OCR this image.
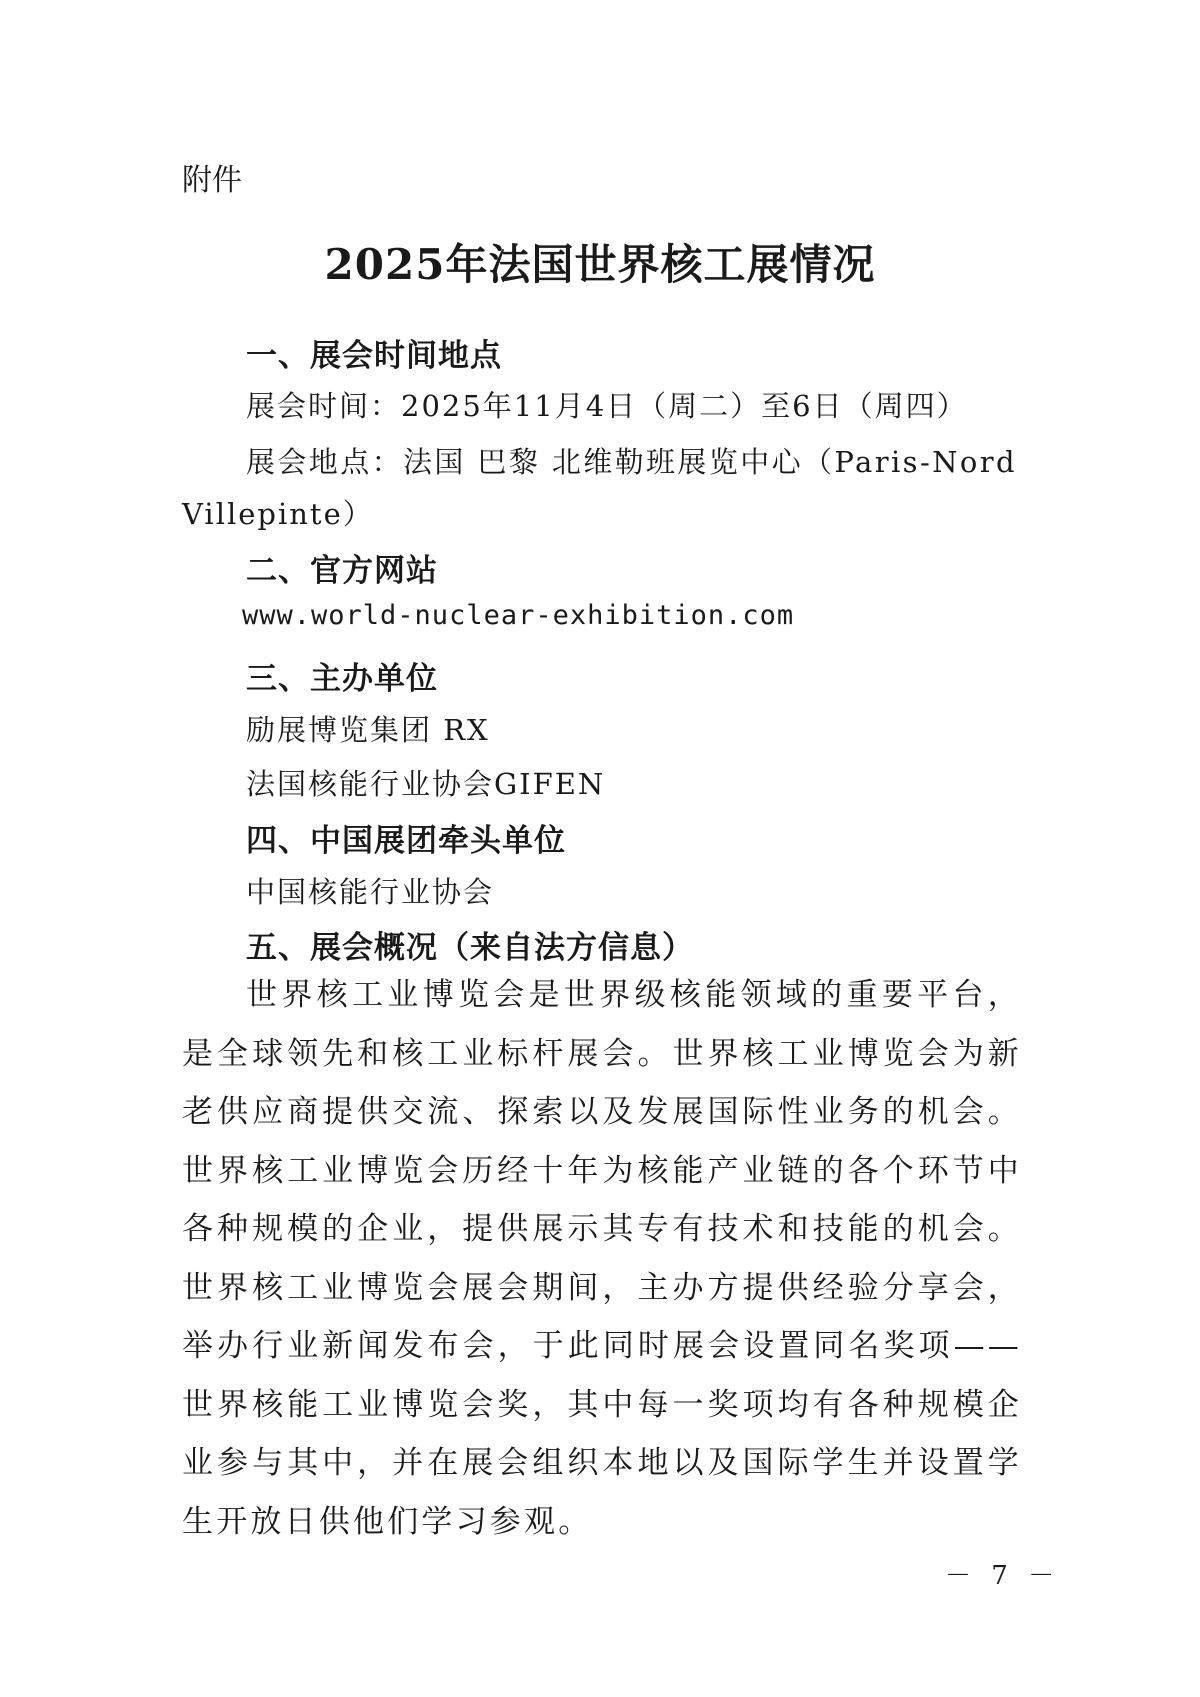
附件
2025年法国世界核工展情况
一、展会时间地点
展会时间：2025年11月4日（周二）至6日（周四）
展会地点：法国 巴黎 北维勒班展览中心（Paris-Nord
Villepinte）
二、官方网站
www.world-nuclear-exhibition.com
三、主办单位
励展博览集团 RX
法国核能行业协会GIFEN
四、中国展团牵头单位
中国核能行业协会
五、展会概况（来自法方信息）

世界核工业博览会是世界级核能领域的重要平台，是全球领先和核工业标杆展会。世界核工业博览会为新老供应商提供交流、探索以及发展国际性业务的机会。世界核工业博览会历经十年为核能产业链的各个环节中各种规模的企业，提供展示其专有技术和技能的机会。世界核工业博览会展会期间，主办方提供经验分享会，举办行业新闻发布会，于此同时展会设置同名奖项——世界核能工业博览会奖，其中每一奖项均有各种规模企业参与其中，并在展会组织本地以及国际学生并设置学生开放日供他们学习参观。

－ 7 －
